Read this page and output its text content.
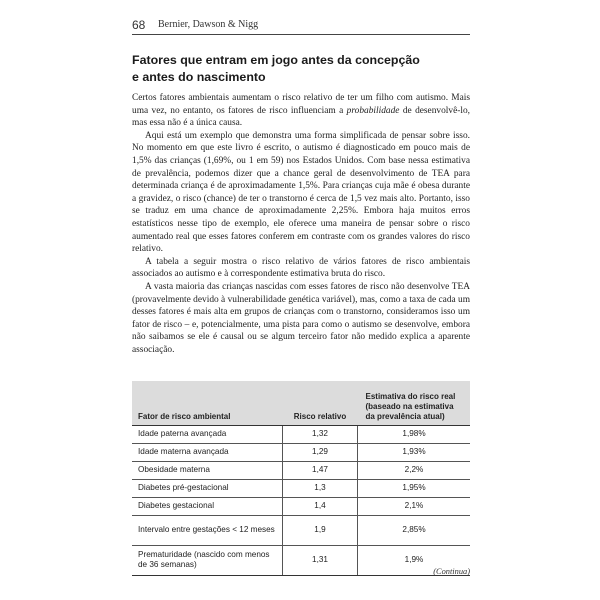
68 Bernier, Dawson & Nigg
Fatores que entram em jogo antes da concepção
e antes do nascimento

Certos fatores ambientais aumentam o risco relativo de ter um filho com autismo. Mais uma vez, no entanto, os fatores de risco influenciam a probabilidade de desenvolvê-lo, mas essa não é a única causa.

Aqui está um exemplo que demonstra uma forma simplificada de pensar sobre isso. No momento em que este livro é escrito, o autismo é diagnosticado em pouco mais de 1,5% das crianças (1,69%, ou 1 em 59) nos Estados Unidos. Com base nessa estimativa de prevalência, podemos dizer que a chance geral de desenvolvimento de TEA para determinada criança é de aproximadamente 1,5%. Para crianças cuja mãe é obesa durante a gravidez, o risco (chance) de ter o transtorno é cerca de 1,5 vez mais alto. Portanto, isso se traduz em uma chance de aproximadamente 2,25%. Embora haja muitos erros estatísticos nesse tipo de exemplo, ele oferece uma maneira de pensar sobre o risco aumentado real que esses fatores conferem em contraste com os grandes valores do risco relativo.

A tabela a seguir mostra o risco relativo de vários fatores de risco ambientais associados ao autismo e à correspondente estimativa bruta do risco.

A vasta maioria das crianças nascidas com esses fatores de risco não desenvolve TEA (provavelmente devido à vulnerabilidade genética variável), mas, como a taxa de cada um desses fatores é mais alta em grupos de crianças com o transtorno, consideramos isso um fator de risco – e, potencialmente, uma pista para como o autismo se desenvolve, embora não saibamos se ele é causal ou se algum terceiro fator não medido explica a aparente associação.

Fator de risco ambiental	Risco relativo	Estimativa do risco real (baseado na estimativa da prevalência atual)
Idade paterna avançada	1,32	1,98%
Idade materna avançada	1,29	1,93%
Obesidade materna	1,47	2,2%
Diabetes pré-gestacional	1,3	1,95%
Diabetes gestacional	1,4	2,1%
Intervalo entre gestações < 12 meses	1,9	2,85%
Prematuridade (nascido com menos de 36 semanas)	1,31	1,9%
(Continua)
